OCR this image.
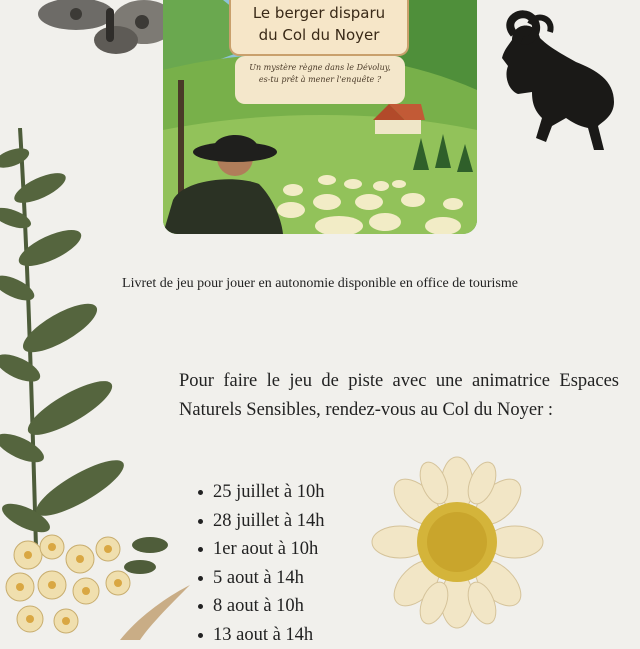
Le berger disparu
du Col du Noyer
Un mystère règne dans le Dévoluy, es-tu prêt à mener l'enquête ?
Livret de jeu pour jouer en autonomie disponible en office de tourisme
Pour faire le jeu de piste avec une animatrice Espaces Naturels Sensibles, rendez-vous au Col du Noyer :
25 juillet à 10h
28 juillet à 14h
1er aout à 10h
5 aout à 14h
8 aout à 10h
13 aout à 14h
